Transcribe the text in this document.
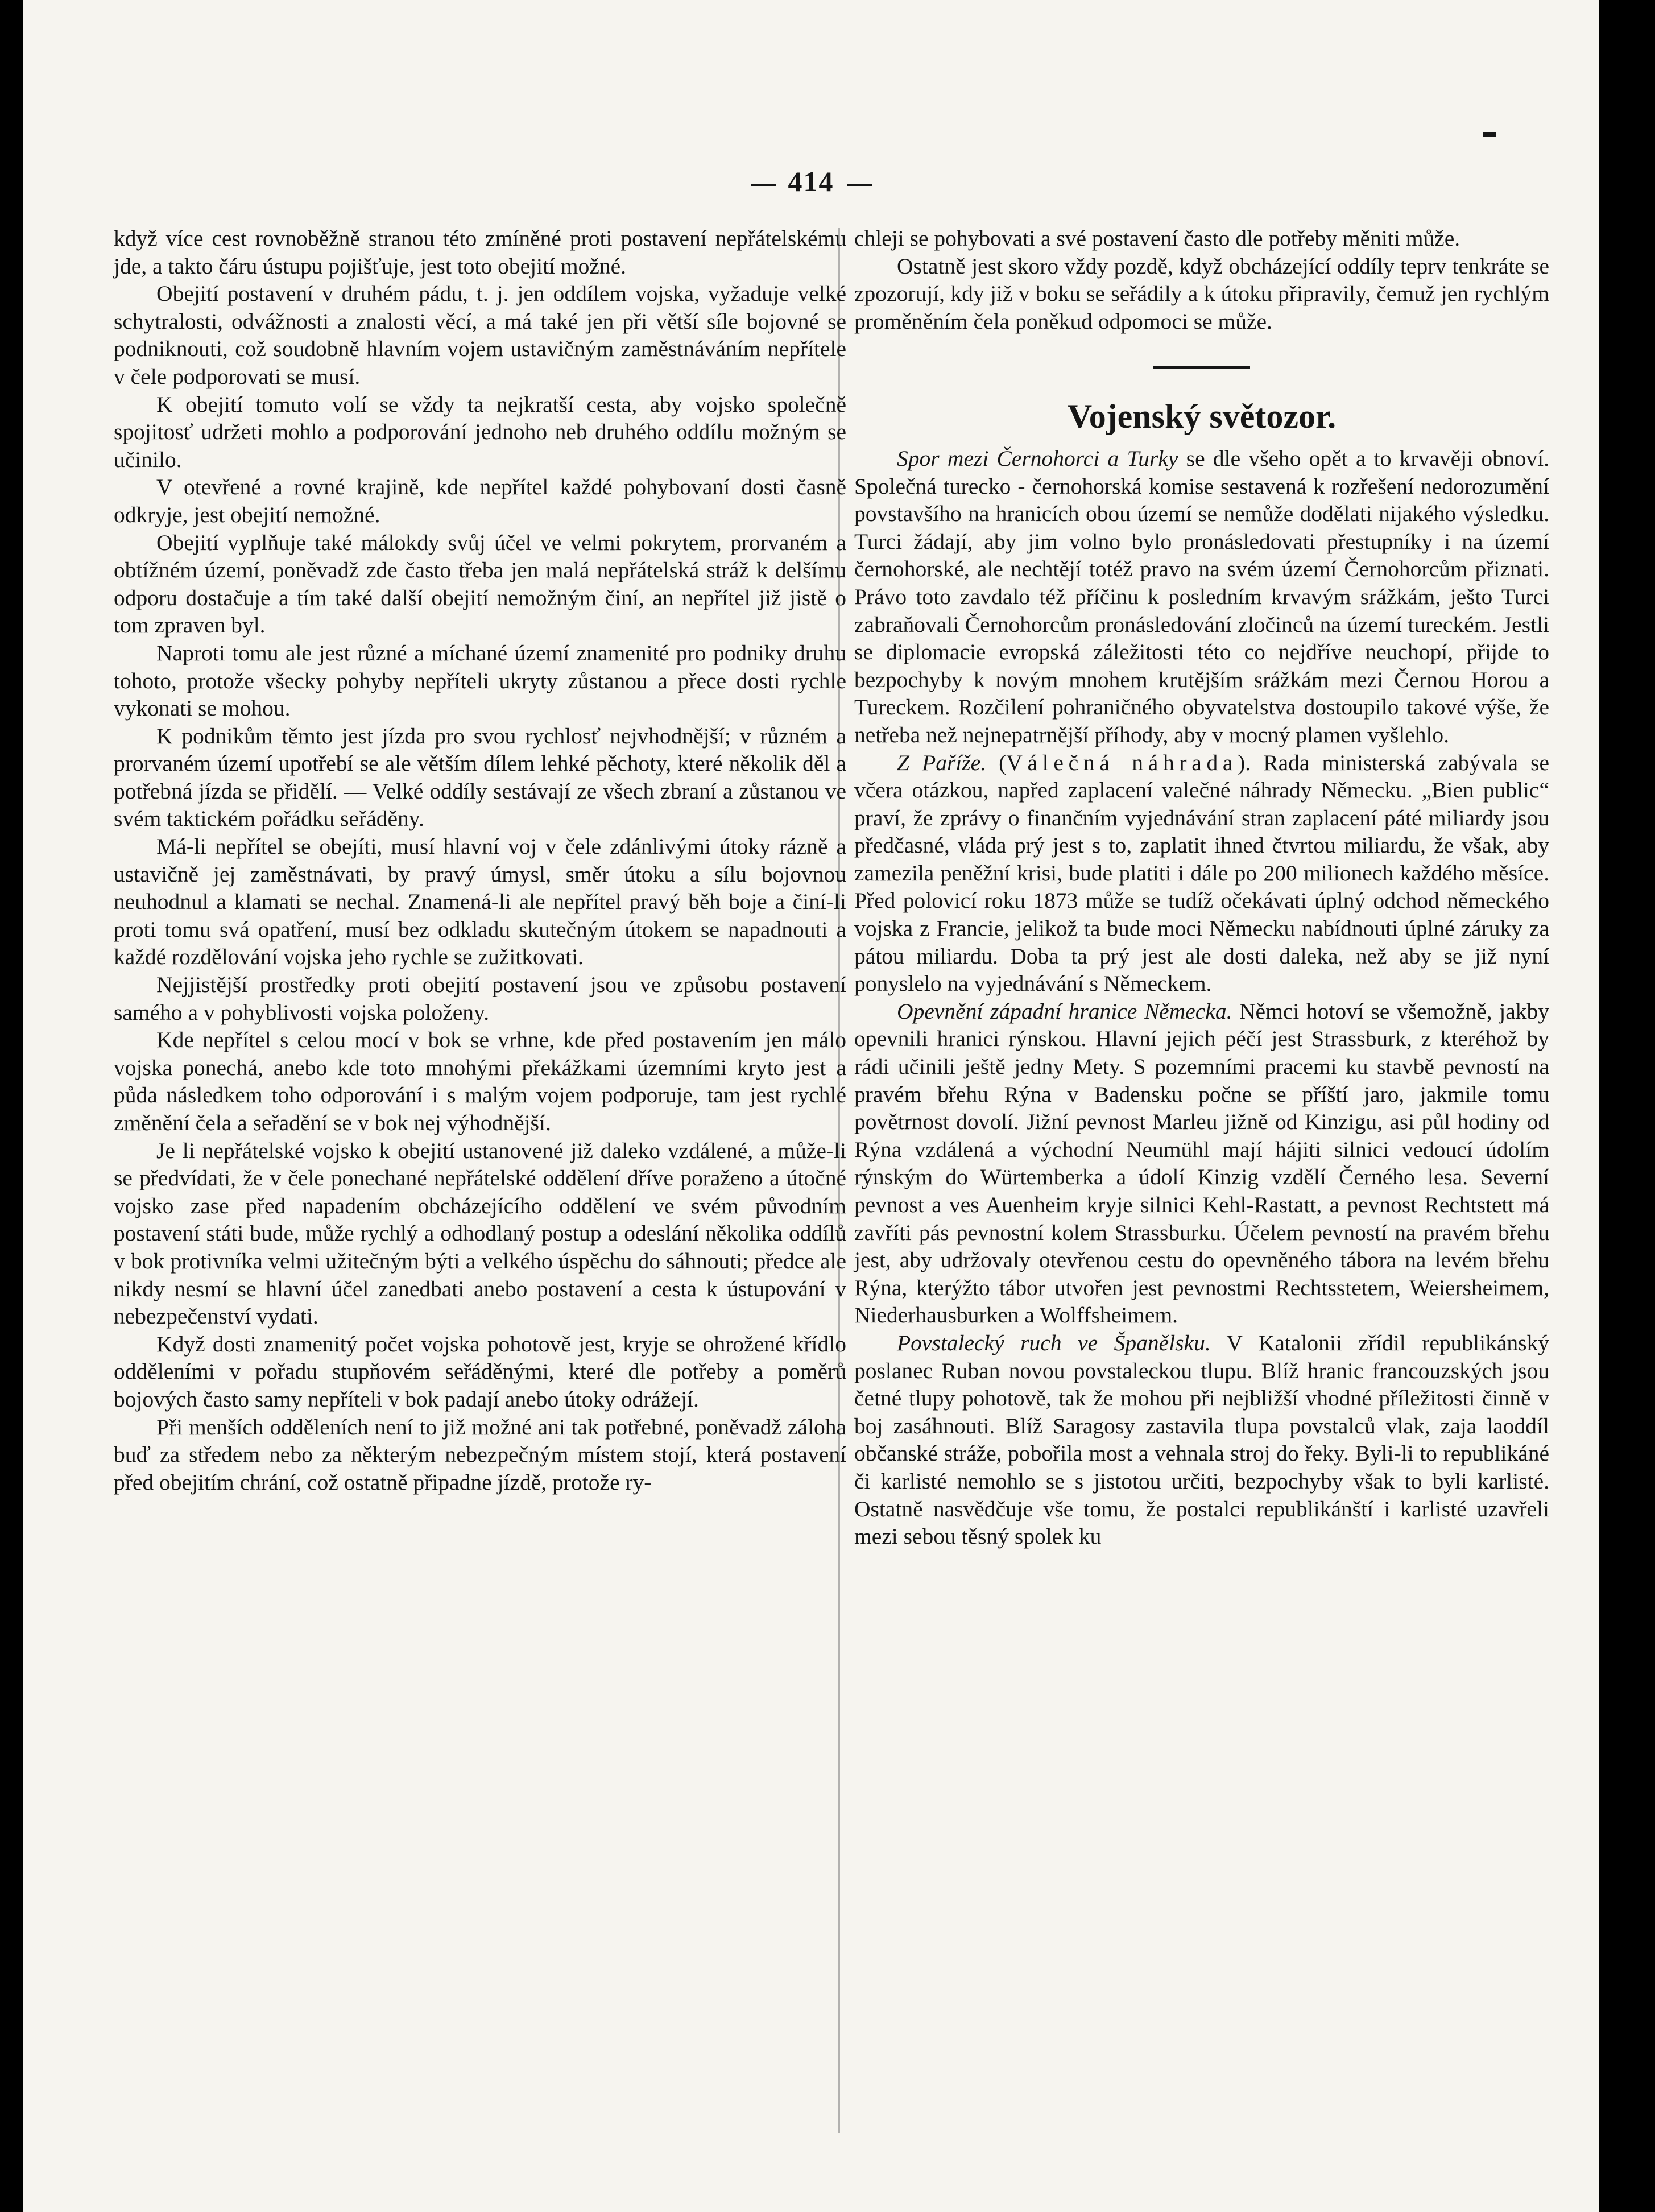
414

když více cest rovnoběžně stranou této zmíněné proti postavení nepřátelskému jde, a takto čáru ústupu pojišťuje, jest toto obejití možné.

Obejití postavení v druhém pádu, t. j. jen oddílem vojska, vyžaduje velké schytralosti, odvážnosti a znalosti věcí, a má také jen při větší síle bojovné se podniknouti, což soudobně hlavním vojem ustavičným zaměstnáváním nepřítele v čele podporovati se musí.

K obejití tomuto volí se vždy ta nejkratší cesta, aby vojsko společně spojitosť udržeti mohlo a podporování jednoho neb druhého oddílu možným se učinilo.

V otevřené a rovné krajině, kde nepřítel každé pohybovaní dosti časně odkryje, jest obejití nemožné.

Obejití vyplňuje také málokdy svůj účel ve velmi pokrytem, prorvaném a obtížném území, poněvadž zde často třeba jen malá nepřátelská stráž k delšímu odporu dostačuje a tím také další obejití nemožným činí, an nepřítel již jistě o tom zpraven byl.

Naproti tomu ale jest různé a míchané území znamenité pro podniky druhu tohoto, protože všecky pohyby nepříteli ukryty zůstanou a přece dosti rychle vykonati se mohou.

K podnikům těmto jest jízda pro svou rychlosť nejvhodnější; v různém a prorvaném území upotřebí se ale větším dílem lehké pěchoty, které několik děl a potřebná jízda se přidělí. — Velké oddíly sestávají ze všech zbraní a zůstanou ve svém taktickém pořádku seřáděny.

Má-li nepřítel se obejíti, musí hlavní voj v čele zdánlivými útoky rázně a ustavičně jej zaměstnávati, by pravý úmysl, směr útoku a sílu bojovnou neuhodnul a klamati se nechal. Znamená-li ale nepřítel pravý běh boje a činí-li proti tomu svá opatření, musí bez odkladu skutečným útokem se napadnouti a každé rozdělování vojska jeho rychle se zužitkovati.

Nejjistější prostředky proti obejití postavení jsou ve způsobu postavení samého a v pohyblivosti vojska položeny.

Kde nepřítel s celou mocí v bok se vrhne, kde před postavením jen málo vojska ponechá, anebo kde toto mnohými překážkami územními kryto jest a půda následkem toho odporování i s malým vojem podporuje, tam jest rychlé změnění čela a seřadění se v bok nej výhodnější.

Je li nepřátelské vojsko k obejití ustanovené již daleko vzdálené, a může-li se předvídati, že v čele ponechané nepřátelské oddělení dříve poraženo a útočné vojsko zase před napadením obcházejícího oddělení ve svém původním postavení státi bude, může rychlý a odhodlaný postup a odeslání několika oddílů v bok protivníka velmi užitečným býti a velkého úspěchu do sáhnouti; předce ale nikdy nesmí se hlavní účel zanedbati anebo postavení a cesta k ústupování v nebezpečenství vydati.

Když dosti znamenitý počet vojska pohotově jest, kryje se ohrožené křídlo odděleními v pořadu stupňovém seřáděnými, které dle potřeby a poměrů bojových často samy nepříteli v bok padají anebo útoky odrážejí.

Při menších odděleních není to již možné ani tak potřebné, poněvadž záloha buď za středem nebo za některým nebezpečným místem stojí, která postavení před obejitím chrání, což ostatně připadne jízdě, protože ry-

chleji se pohybovati a své postavení často dle potřeby měniti může.

Ostatně jest skoro vždy pozdě, když obcházející oddíly teprv tenkráte se zpozorují, kdy již v boku se seřádily a k útoku připravily, čemuž jen rychlým proměněním čela poněkud odpomoci se může.

Vojenský světozor.

Spor mezi Černohorci a Turky se dle všeho opět a to krvavěji obnoví. Společná turecko - černohorská komise sestavená k rozřešení nedorozumění povstavšího na hranicích obou území se nemůže dodělati nijakého výsledku. Turci žádají, aby jim volno bylo pronásledovati přestupníky i na území černohorské, ale nechtějí totéž pravo na svém území Černohorcům přiznati. Právo toto zavdalo též příčinu k posledním krvavým srážkám, ješto Turci zabraňovali Černohorcům pronásledování zločinců na území tureckém. Jestli se diplomacie evropská záležitosti této co nejdříve neuchopí, přijde to bezpochyby k novým mnohem krutějším srážkám mezi Černou Horou a Tureckem. Rozčilení pohraničného obyvatelstva dostoupilo takové výše, že netřeba než nejnepatrnější příhody, aby v mocný plamen vyšlehlo.

Z Paříže. (Válečná náhrada). Rada ministerská zabývala se včera otázkou, napřed zaplacení valečné náhrady Německu. „Bien public“ praví, že zprávy o finančním vyjednávání stran zaplacení páté miliardy jsou předčasné, vláda prý jest s to, zaplatit ihned čtvrtou miliardu, že však, aby zamezila peněžní krisi, bude platiti i dále po 200 milionech každého měsíce. Před polovicí roku 1873 může se tudíž očekávati úplný odchod německého vojska z Francie, jelikož ta bude moci Německu nabídnouti úplné záruky za pátou miliardu. Doba ta prý jest ale dosti daleka, než aby se již nyní ponyslelo na vyjednávání s Německem.

Opevnění západní hranice Německa. Němci hotoví se všemožně, jakby opevnili hranici rýnskou. Hlavní jejich péčí jest Strassburk, z kteréhož by rádi učinili ještě jedny Mety. S pozemními pracemi ku stavbě pevností na pravém břehu Rýna v Badensku počne se příští jaro, jakmile tomu povětrnost dovolí. Jižní pevnost Marleu jižně od Kinzigu, asi půl hodiny od Rýna vzdálená a východní Neumühl mají hájiti silnici vedoucí údolím rýnským do Würtemberka a údolí Kinzig vzdělí Černého lesa. Severní pevnost a ves Auenheim kryje silnici Kehl-Rastatt, a pevnost Rechtstett má zavříti pás pevnostní kolem Strassburku. Účelem pevností na pravém břehu jest, aby udržovaly otevřenou cestu do opevněného tábora na levém břehu Rýna, kterýžto tábor utvořen jest pevnostmi Rechtsstetem, Weiersheimem, Niederhausburken a Wolffsheimem.

Povstalecký ruch ve Španělsku. V Katalonii zřídil republikánský poslanec Ruban novou povstaleckou tlupu. Blíž hranic francouzských jsou četné tlupy pohotově, tak že mohou při nejbližší vhodné příležitosti činně v boj zasáhnouti. Blíž Saragosy zastavila tlupa povstalců vlak, zaja laoddíl občanské stráže, pobořila most a vehnala stroj do řeky. Byli-li to republikáné či karlisté nemohlo se s jistotou určiti, bezpochyby však to byli karlisté. Ostatně nasvědčuje vše tomu, že postalci republikánští i karlisté uzavřeli mezi sebou těsný spolek ku
